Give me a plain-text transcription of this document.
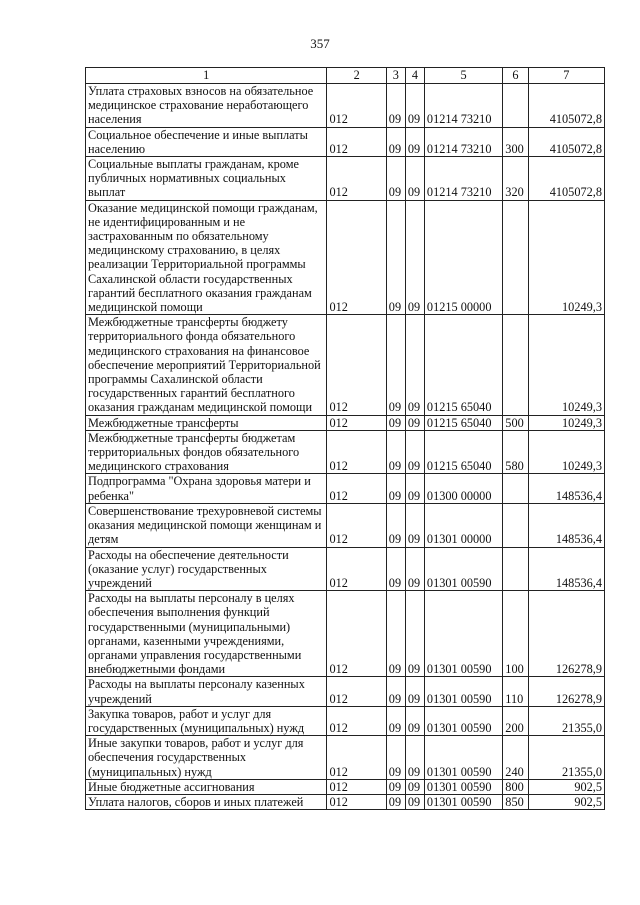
357
1	2	3	4	5	6	7
Уплата страховых взносов на обязательное медицинское страхование неработающего населения	012	09	09	01214 73210		4105072,8
Социальное обеспечение и иные выплаты населению	012	09	09	01214 73210	300	4105072,8
Социальные выплаты гражданам, кроме публичных нормативных социальных выплат	012	09	09	01214 73210	320	4105072,8
Оказание медицинской помощи гражданам, не идентифицированным и не застрахованным по обязательному медицинскому страхованию, в целях реализации Территориальной программы Сахалинской области государственных гарантий бесплатного оказания гражданам медицинской помощи	012	09	09	01215 00000		10249,3
Межбюджетные трансферты бюджету территориального фонда обязательного медицинского страхования на финансовое обеспечение мероприятий Территориальной программы Сахалинской области государственных гарантий бесплатного оказания гражданам медицинской помощи	012	09	09	01215 65040		10249,3
Межбюджетные трансферты	012	09	09	01215 65040	500	10249,3
Межбюджетные трансферты бюджетам территориальных фондов обязательного медицинского страхования	012	09	09	01215 65040	580	10249,3
Подпрограмма "Охрана здоровья матери и ребенка"	012	09	09	01300 00000		148536,4
Совершенствование трехуровневой системы оказания медицинской помощи женщинам и детям	012	09	09	01301 00000		148536,4
Расходы на обеспечение деятельности (оказание услуг) государственных учреждений	012	09	09	01301 00590		148536,4
Расходы на выплаты персоналу в целях обеспечения выполнения функций государственными (муниципальными) органами, казенными учреждениями, органами управления государственными внебюджетными фондами	012	09	09	01301 00590	100	126278,9
Расходы на выплаты персоналу казенных учреждений	012	09	09	01301 00590	110	126278,9
Закупка товаров, работ и услуг для государственных (муниципальных) нужд	012	09	09	01301 00590	200	21355,0
Иные закупки товаров, работ и услуг для обеспечения государственных (муниципальных) нужд	012	09	09	01301 00590	240	21355,0
Иные бюджетные ассигнования	012	09	09	01301 00590	800	902,5
Уплата налогов, сборов и иных платежей	012	09	09	01301 00590	850	902,5
